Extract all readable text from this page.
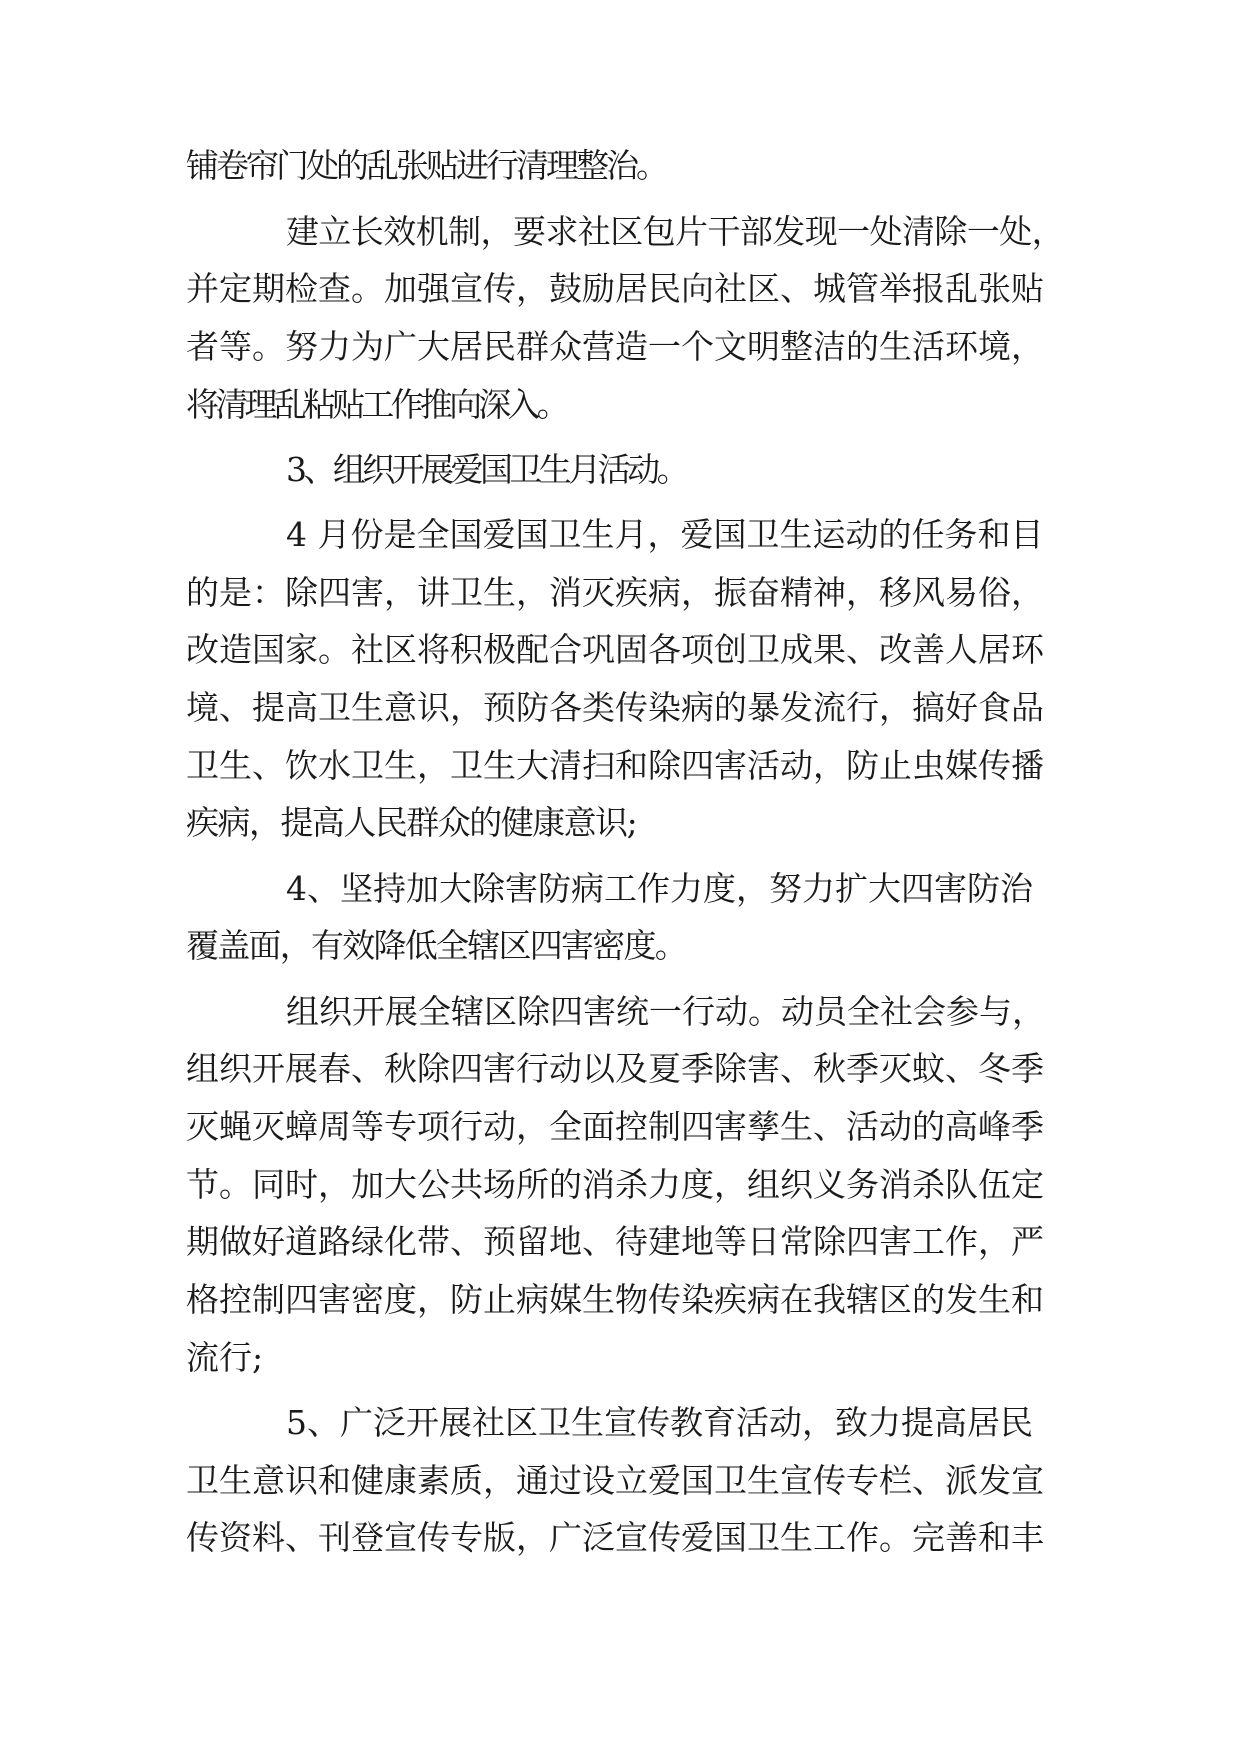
铺卷帘门处的乱张贴进行清理整治。
建立长效机制，要求社区包片干部发现一处清除一处，
并定期检查。加强宣传，鼓励居民向社区、城管举报乱张贴
者等。努力为广大居民群众营造一个文明整洁的生活环境，
将清理乱粘贴工作推向深入。
3、组织开展爱国卫生月活动。
4 月份是全国爱国卫生月，爱国卫生运动的任务和目
的是：除四害，讲卫生，消灭疾病，振奋精神，移风易俗，
改造国家。社区将积极配合巩固各项创卫成果、改善人居环
境、提高卫生意识，预防各类传染病的暴发流行，搞好食品
卫生、饮水卫生，卫生大清扫和除四害活动，防止虫媒传播
疾病，提高人民群众的健康意识;
4、坚持加大除害防病工作力度，努力扩大四害防治
覆盖面，有效降低全辖区四害密度。
组织开展全辖区除四害统一行动。动员全社会参与，
组织开展春、秋除四害行动以及夏季除害、秋季灭蚊、冬季
灭蝇灭蟑周等专项行动，全面控制四害孳生、活动的高峰季
节。同时，加大公共场所的消杀力度，组织义务消杀队伍定
期做好道路绿化带、预留地、待建地等日常除四害工作，严
格控制四害密度，防止病媒生物传染疾病在我辖区的发生和
流行;
5、广泛开展社区卫生宣传教育活动，致力提高居民
卫生意识和健康素质，通过设立爱国卫生宣传专栏、派发宣
传资料、刊登宣传专版，广泛宣传爱国卫生工作。完善和丰
